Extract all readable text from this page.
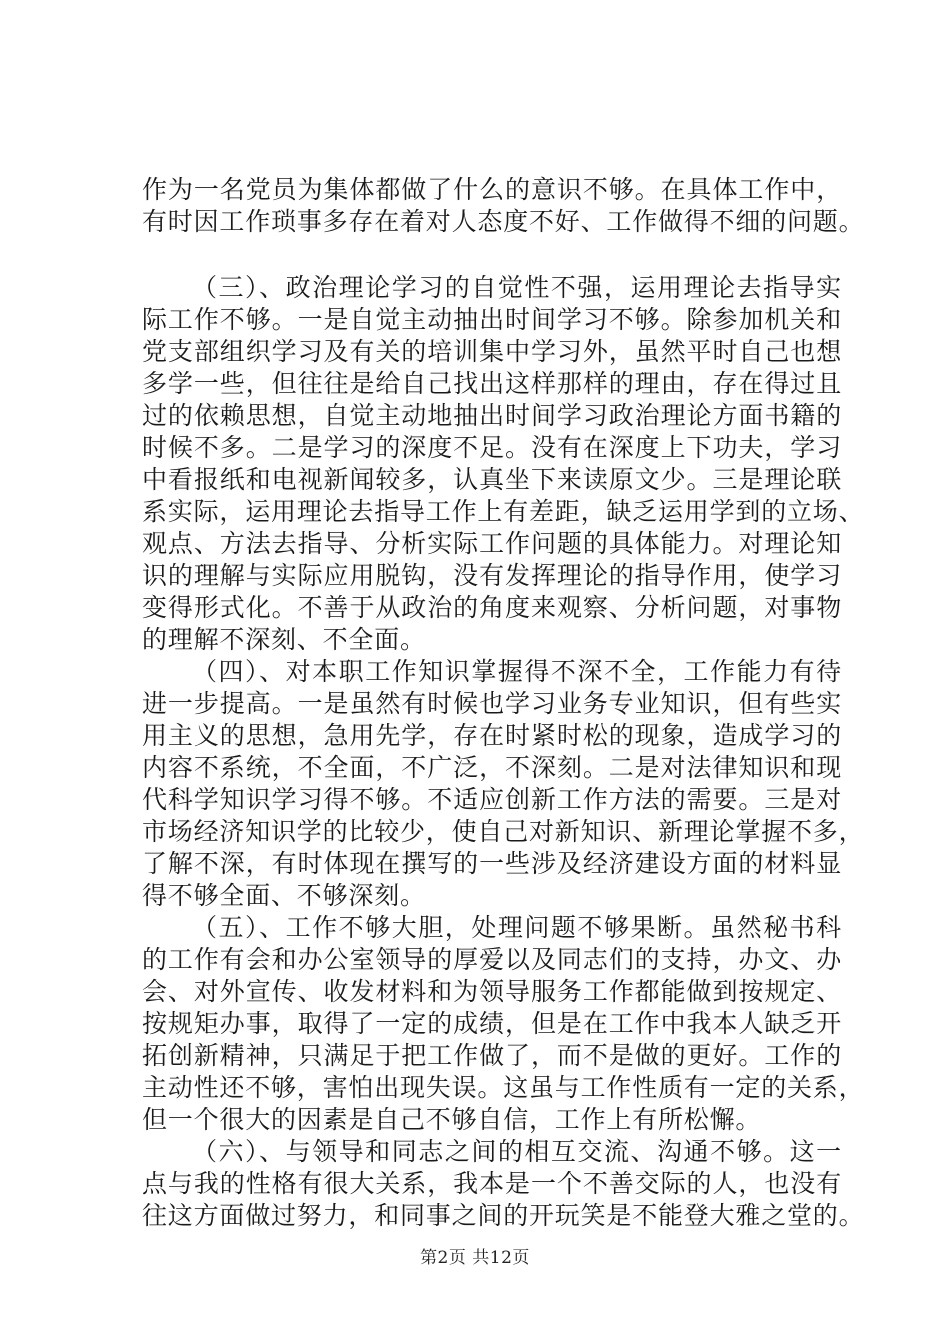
作为一名党员为集体都做了什么的意识不够。在具体工作中，
有时因工作琐事多存在着对人态度不好、工作做得不细的问题。
（三）、政治理论学习的自觉性不强，运用理论去指导实
际工作不够。一是自觉主动抽出时间学习不够。除参加机关和
党支部组织学习及有关的培训集中学习外，虽然平时自己也想
多学一些，但往往是给自己找出这样那样的理由，存在得过且
过的依赖思想，自觉主动地抽出时间学习政治理论方面书籍的
时候不多。二是学习的深度不足。没有在深度上下功夫，学习
中看报纸和电视新闻较多，认真坐下来读原文少。三是理论联
系实际，运用理论去指导工作上有差距，缺乏运用学到的立场、
观点、方法去指导、分析实际工作问题的具体能力。对理论知
识的理解与实际应用脱钩，没有发挥理论的指导作用，使学习
变得形式化。不善于从政治的角度来观察、分析问题，对事物
的理解不深刻、不全面。
（四）、对本职工作知识掌握得不深不全，工作能力有待
进一步提高。一是虽然有时候也学习业务专业知识，但有些实
用主义的思想，急用先学，存在时紧时松的现象，造成学习的
内容不系统，不全面，不广泛，不深刻。二是对法律知识和现
代科学知识学习得不够。不适应创新工作方法的需要。三是对
市场经济知识学的比较少，使自己对新知识、新理论掌握不多，
了解不深，有时体现在撰写的一些涉及经济建设方面的材料显
得不够全面、不够深刻。
（五）、工作不够大胆，处理问题不够果断。虽然秘书科
的工作有会和办公室领导的厚爱以及同志们的支持，办文、办
会、对外宣传、收发材料和为领导服务工作都能做到按规定、
按规矩办事，取得了一定的成绩，但是在工作中我本人缺乏开
拓创新精神，只满足于把工作做了，而不是做的更好。工作的
主动性还不够，害怕出现失误。这虽与工作性质有一定的关系，
但一个很大的因素是自己不够自信，工作上有所松懈。
（六）、与领导和同志之间的相互交流、沟通不够。这一
点与我的性格有很大关系，我本是一个不善交际的人，也没有
往这方面做过努力，和同事之间的开玩笑是不能登大雅之堂的。
第2页 共12页
